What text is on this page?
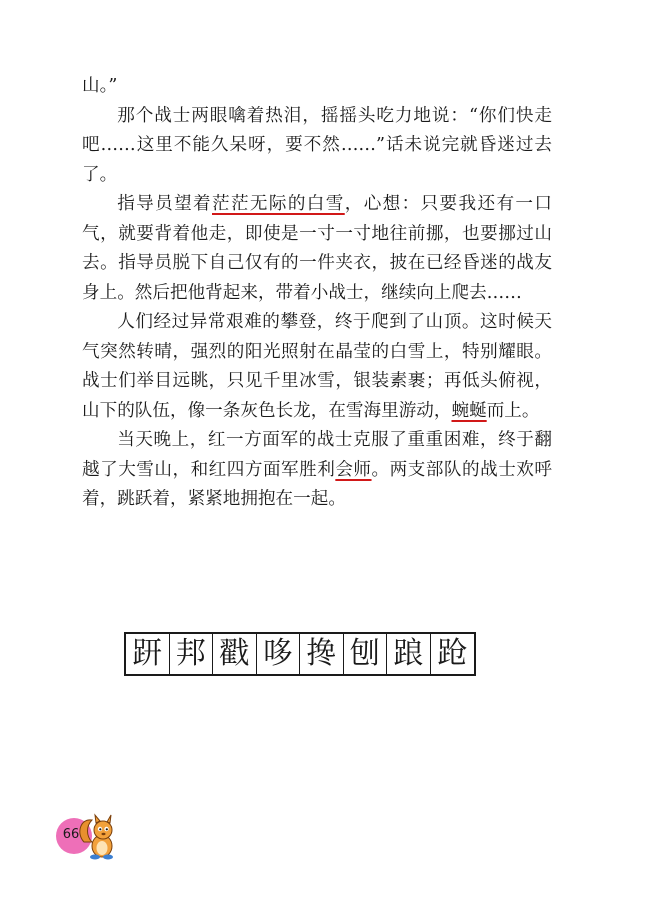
山。”

那个战士两眼噙着热泪，摇摇头吃力地说：“你们快走吧……这里不能久呆呀，要不然……”话未说完就昏迷过去了。

指导员望着茫茫无际的白雪，心想：只要我还有一口气，就要背着他走，即使是一寸一寸地往前挪，也要挪过山去。指导员脱下自己仅有的一件夹衣，披在已经昏迷的战友身上。然后把他背起来，带着小战士，继续向上爬去……

人们经过异常艰难的攀登，终于爬到了山顶。这时候天气突然转晴，强烈的阳光照射在晶莹的白雪上，特别耀眼。战士们举目远眺，只见千里冰雪，银装素裹；再低头俯视，山下的队伍，像一条灰色长龙，在雪海里游动，蜿蜒而上。

当天晚上，红一方面军的战士克服了重重困难，终于翻越了大雪山，和红四方面军胜利会师。两支部队的战士欢呼着，跳跃着，紧紧地拥抱在一起。

趼 邦 戳 哆 搀 刨 踉 跄
66
